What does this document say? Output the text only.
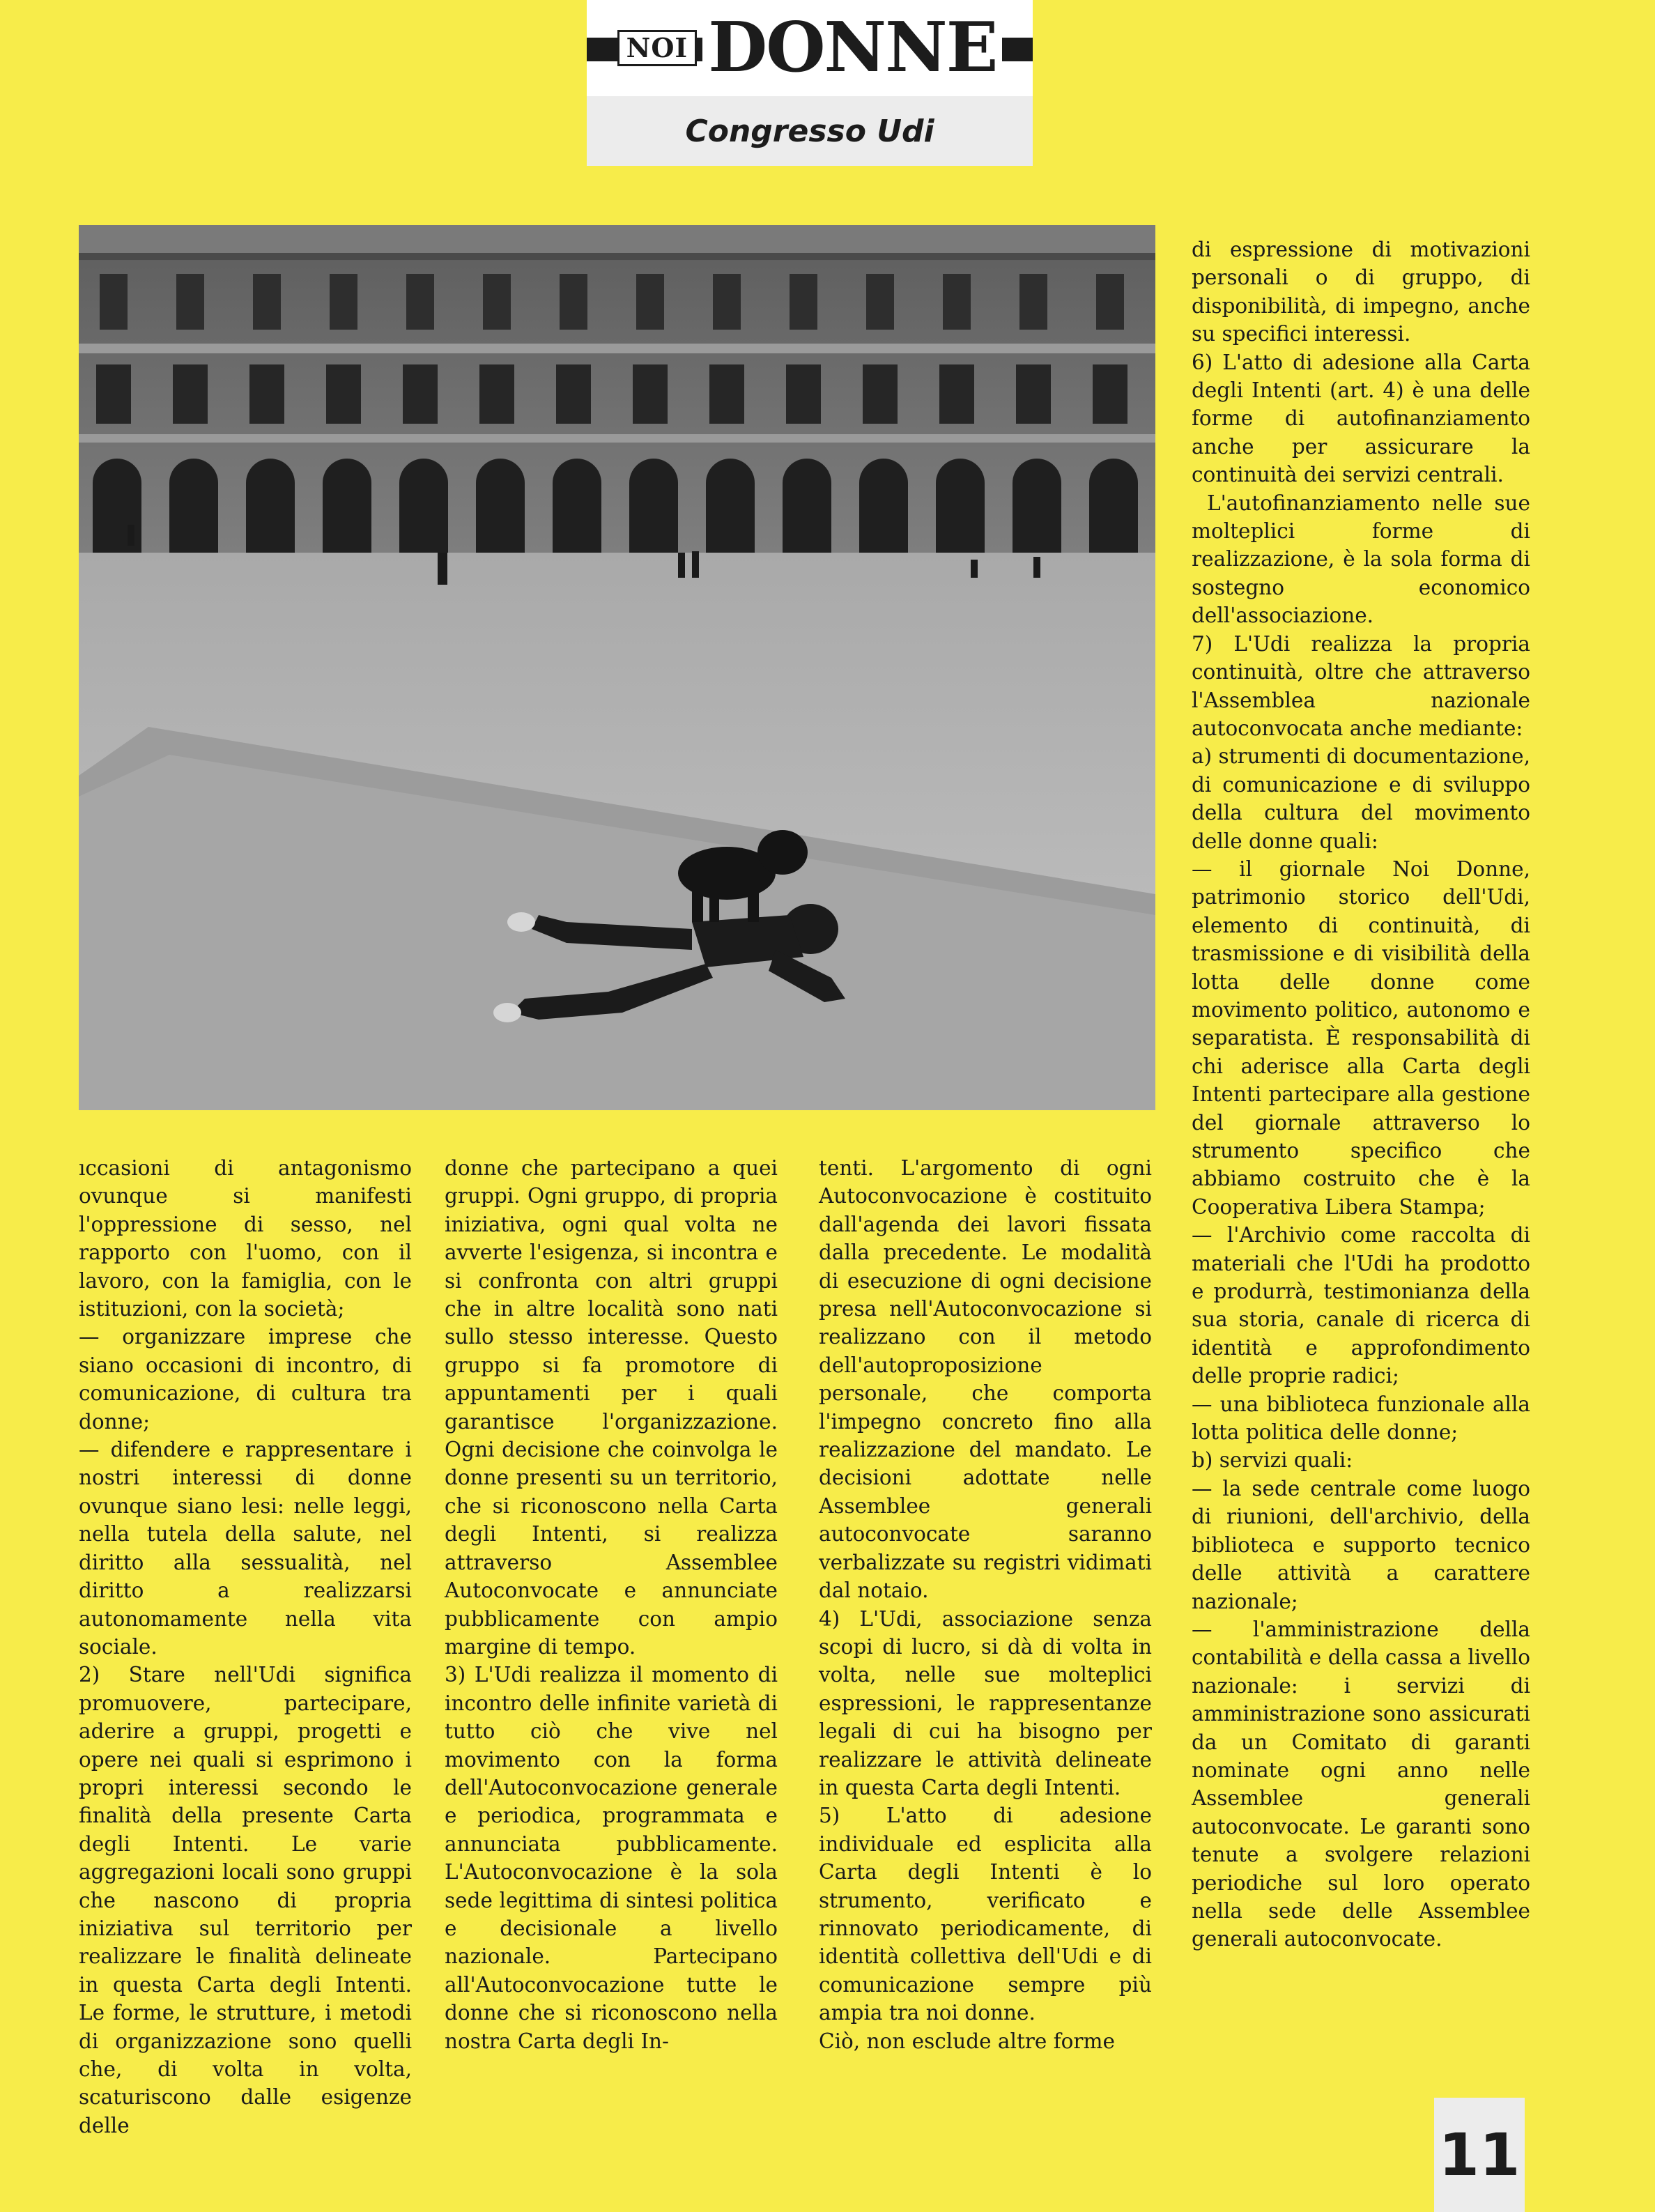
NOI DONNE
Congresso Udi

ıccasioni di antagonismo ovunque si manifesti l'oppressione di sesso, nel rapporto con l'uomo, con il lavoro, con la famiglia, con le istituzioni, con la società;

— organizzare imprese che siano occasioni di incontro, di comunicazione, di cultura tra donne;

— difendere e rappresentare i nostri interessi di donne ovunque siano lesi: nelle leggi, nella tutela della salute, nel diritto alla sessualità, nel diritto a realizzarsi autonomamente nella vita sociale.

2) Stare nell'Udi significa promuovere, partecipare, aderire a gruppi, progetti e opere nei quali si esprimono i propri interessi secondo le finalità della presente Carta degli Intenti. Le varie aggregazioni locali sono gruppi che nascono di propria iniziativa sul territorio per realizzare le finalità delineate in questa Carta degli Intenti. Le forme, le strutture, i metodi di organizzazione sono quelli che, di volta in volta, scaturiscono dalle esigenze delle

donne che partecipano a quei gruppi. Ogni gruppo, di propria iniziativa, ogni qual volta ne avverte l'esigenza, si incontra e si confronta con altri gruppi che in altre località sono nati sullo stesso interesse. Questo gruppo si fa promotore di appuntamenti per i quali garantisce l'organizzazione. Ogni decisione che coinvolga le donne presenti su un territorio, che si riconoscono nella Carta degli Intenti, si realizza attraverso Assemblee Autoconvocate e annunciate pubblicamente con ampio margine di tempo.

3) L'Udi realizza il momento di incontro delle infinite varietà di tutto ciò che vive nel movimento con la forma dell'Autoconvocazione generale e periodica, programmata e annunciata pubblicamente. L'Autoconvocazione è la sola sede legittima di sintesi politica e decisionale a livello nazionale. Partecipano all'Autoconvocazione tutte le donne che si riconoscono nella nostra Carta degli In-

tenti. L'argomento di ogni Autoconvocazione è costituito dall'agenda dei lavori fissata dalla precedente. Le modalità di esecuzione di ogni decisione presa nell'Autoconvocazione si realizzano con il metodo dell'autoproposizione personale, che comporta l'impegno concreto fino alla realizzazione del mandato. Le decisioni adottate nelle Assemblee generali autoconvocate saranno verbalizzate su registri vidimati dal notaio.

4) L'Udi, associazione senza scopi di lucro, si dà di volta in volta, nelle sue molteplici espressioni, le rappresentanze legali di cui ha bisogno per realizzare le attività delineate in questa Carta degli Intenti.

5) L'atto di adesione individuale ed esplicita alla Carta degli Intenti è lo strumento, verificato e rinnovato periodicamente, di identità collettiva dell'Udi e di comunicazione sempre più ampia tra noi donne.

Ciò, non esclude altre forme

di espressione di motivazioni personali o di gruppo, di disponibilità, di impegno, anche su specifici interessi.

6) L'atto di adesione alla Carta degli Intenti (art. 4) è una delle forme di autofinanziamento anche per assicurare la continuità dei servizi centrali.

L'autofinanziamento nelle sue molteplici forme di realizzazione, è la sola forma di sostegno economico dell'associazione.

7) L'Udi realizza la propria continuità, oltre che attraverso l'Assemblea nazionale autoconvocata anche mediante:

a) strumenti di documentazione, di comunicazione e di sviluppo della cultura del movimento delle donne quali:

— il giornale Noi Donne, patrimonio storico dell'Udi, elemento di continuità, di trasmissione e di visibilità della lotta delle donne come movimento politico, autonomo e separatista. È responsabilità di chi aderisce alla Carta degli Intenti partecipare alla gestione del giornale attraverso lo strumento specifico che abbiamo costruito che è la Cooperativa Libera Stampa;

— l'Archivio come raccolta di materiali che l'Udi ha prodotto e produrrà, testimonianza della sua storia, canale di ricerca di identità e approfondimento delle proprie radici;

— una biblioteca funzionale alla lotta politica delle donne;

b) servizi quali:

— la sede centrale come luogo di riunioni, dell'archivio, della biblioteca e supporto tecnico delle attività a carattere nazionale;

— l'amministrazione della contabilità e della cassa a livello nazionale: i servizi di amministrazione sono assicurati da un Comitato di garanti nominate ogni anno nelle Assemblee generali autoconvocate. Le garanti sono tenute a svolgere relazioni periodiche sul loro operato nella sede delle Assemblee generali autoconvocate.

11
